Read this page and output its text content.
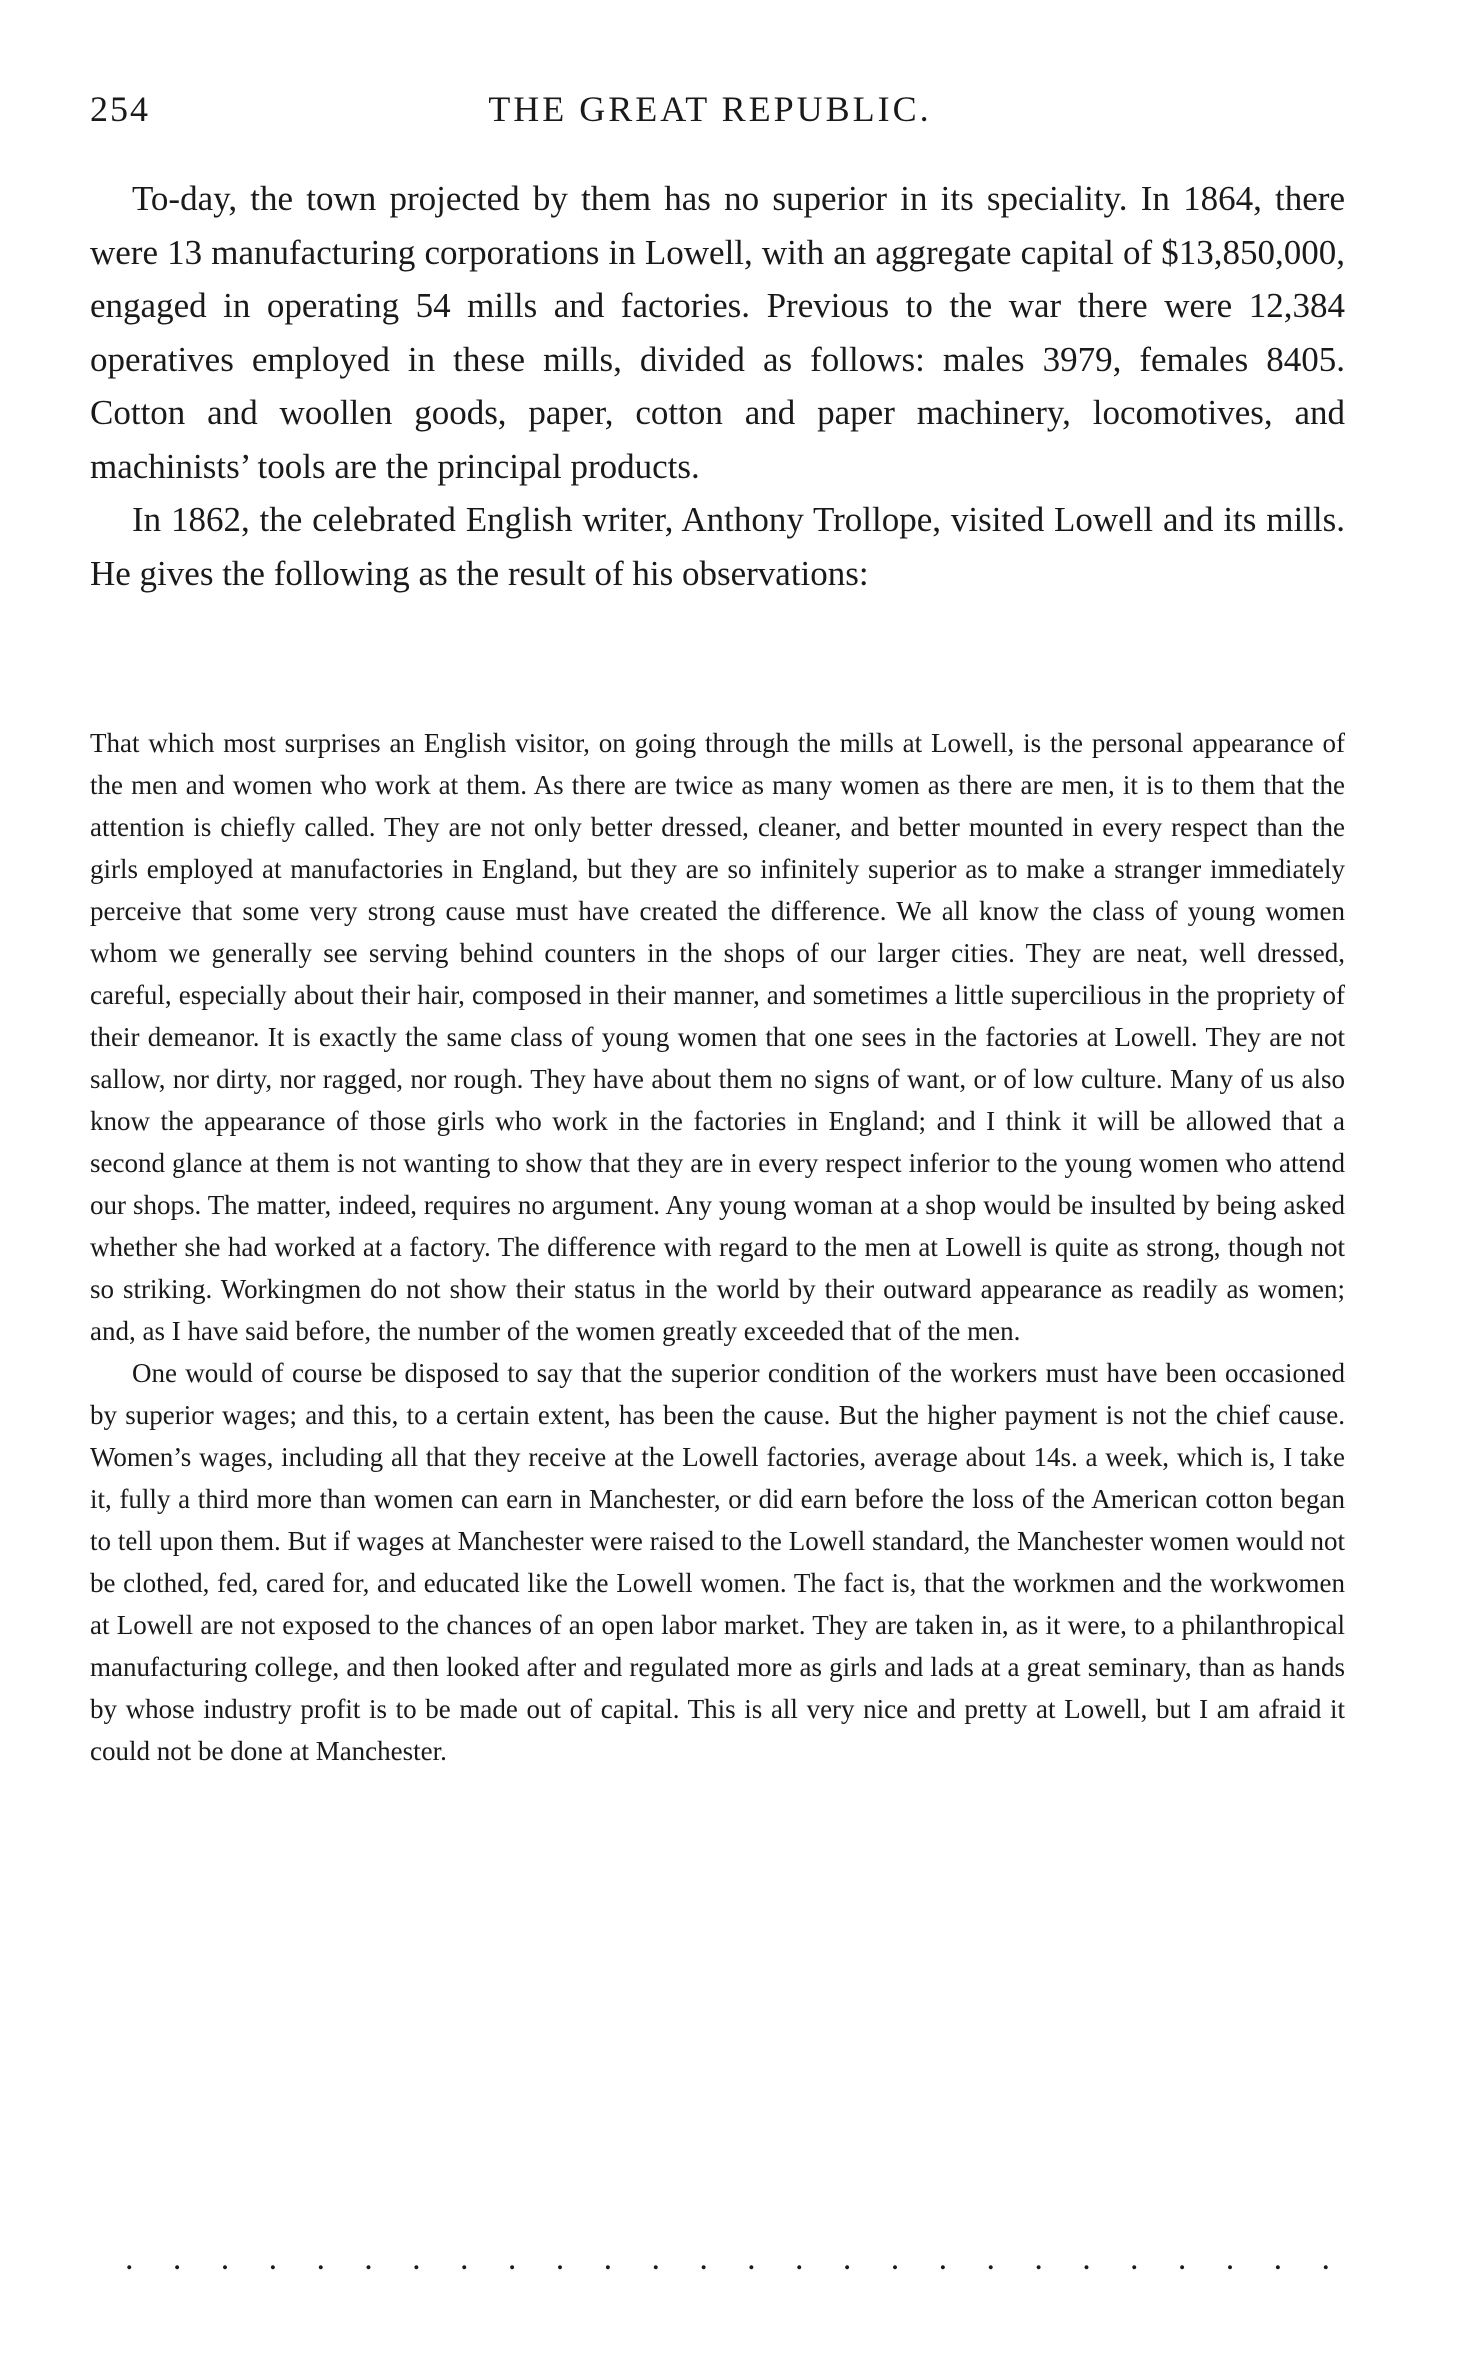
254	THE GREAT REPUBLIC.

To-day, the town projected by them has no superior in its speciality. In 1864, there were 13 manufacturing corporations in Lowell, with an aggregate capital of $13,850,000, engaged in operating 54 mills and factories. Previous to the war there were 12,384 operatives employed in these mills, divided as follows: males 3979, females 8405. Cotton and woollen goods, paper, cotton and paper machinery, locomotives, and machinists’ tools are the principal products.

In 1862, the celebrated English writer, Anthony Trollope, visited Lowell and its mills. He gives the following as the result of his observations:

That which most surprises an English visitor, on going through the mills at Lowell, is the personal appearance of the men and women who work at them. As there are twice as many women as there are men, it is to them that the attention is chiefly called. They are not only better dressed, cleaner, and better mounted in every respect than the girls employed at manufactories in England, but they are so infinitely superior as to make a stranger immediately perceive that some very strong cause must have created the difference. We all know the class of young women whom we generally see serving behind counters in the shops of our larger cities. They are neat, well dressed, careful, especially about their hair, composed in their manner, and sometimes a little supercilious in the propriety of their demeanor. It is exactly the same class of young women that one sees in the factories at Lowell. They are not sallow, nor dirty, nor ragged, nor rough. They have about them no signs of want, or of low culture. Many of us also know the appearance of those girls who work in the factories in England; and I think it will be allowed that a second glance at them is not wanting to show that they are in every respect inferior to the young women who attend our shops. The matter, indeed, requires no argument. Any young woman at a shop would be insulted by being asked whether she had worked at a factory. The difference with regard to the men at Lowell is quite as strong, though not so striking. Workingmen do not show their status in the world by their outward appearance as readily as women; and, as I have said before, the number of the women greatly exceeded that of the men.

One would of course be disposed to say that the superior condition of the workers must have been occasioned by superior wages; and this, to a certain extent, has been the cause. But the higher payment is not the chief cause. Women’s wages, including all that they receive at the Lowell factories, average about 14s. a week, which is, I take it, fully a third more than women can earn in Manchester, or did earn before the loss of the American cotton began to tell upon them. But if wages at Manchester were raised to the Lowell standard, the Manchester women would not be clothed, fed, cared for, and educated like the Lowell women. The fact is, that the workmen and the workwomen at Lowell are not exposed to the chances of an open labor market. They are taken in, as it were, to a philanthropical manufacturing college, and then looked after and regulated more as girls and lads at a great seminary, than as hands by whose industry profit is to be made out of capital. This is all very nice and pretty at Lowell, but I am afraid it could not be done at Manchester.

. . . . . . . . . . . . . . . . . . . . . . . . . .
